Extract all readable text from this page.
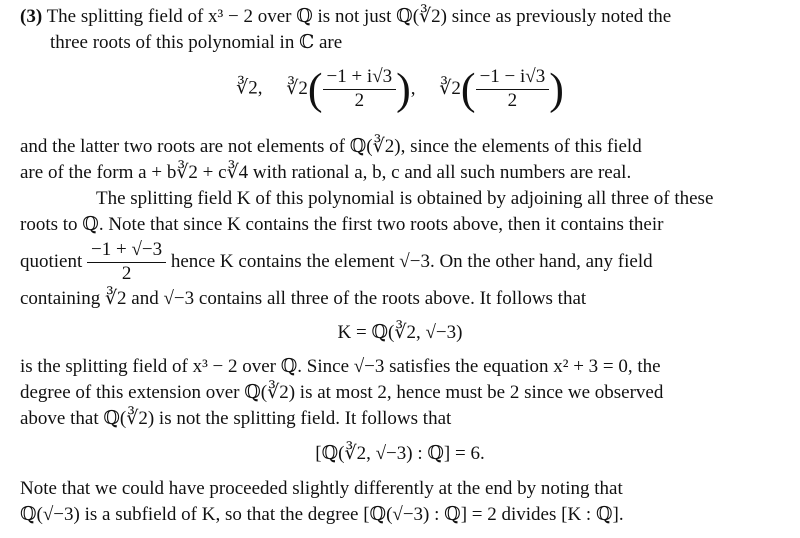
(3) The splitting field of x³ − 2 over ℚ is not just ℚ(∛2) since as previously noted the
three roots of this polynomial in ℂ are
∛2, ∛2( $\frac{-1 + i√3}{2}$ ), ∛2( $\frac{-1 - i√3}{2}$ )
and the latter two roots are not elements of ℚ(∛2), since the elements of this field
are of the form a + b∛2 + c∛4 with rational a, b, c and all such numbers are real.
The splitting field K of this polynomial is obtained by adjoining all three of these
roots to ℚ. Note that since K contains the first two roots above, then it contains their
quotient $\frac{-1 + √-3}{2}$ hence K contains the element √−3. On the other hand, any field
containing ∛2 and √−3 contains all three of the roots above. It follows that
K = ℚ(∛2, √−3)
is the splitting field of x³ − 2 over ℚ. Since √−3 satisfies the equation x² + 3 = 0, the
degree of this extension over ℚ(∛2) is at most 2, hence must be 2 since we observed
above that ℚ(∛2) is not the splitting field. It follows that
[ℚ(∛2, √−3) : ℚ] = 6.
Note that we could have proceeded slightly differently at the end by noting that
ℚ(√−3) is a subfield of K, so that the degree [ℚ(√−3) : ℚ] = 2 divides [K : ℚ].
